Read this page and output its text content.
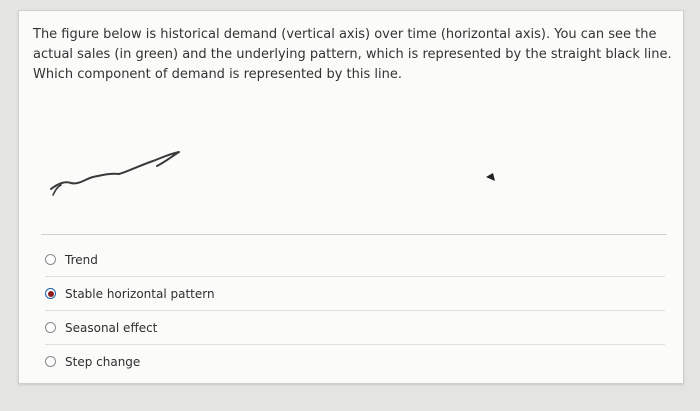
The figure below is historical demand (vertical axis) over time (horizontal axis). You can see the actual sales (in green) and the underlying pattern, which is represented by the straight black line. Which component of demand is represented by this line.
Trend
Stable horizontal pattern
Seasonal effect
Step change
